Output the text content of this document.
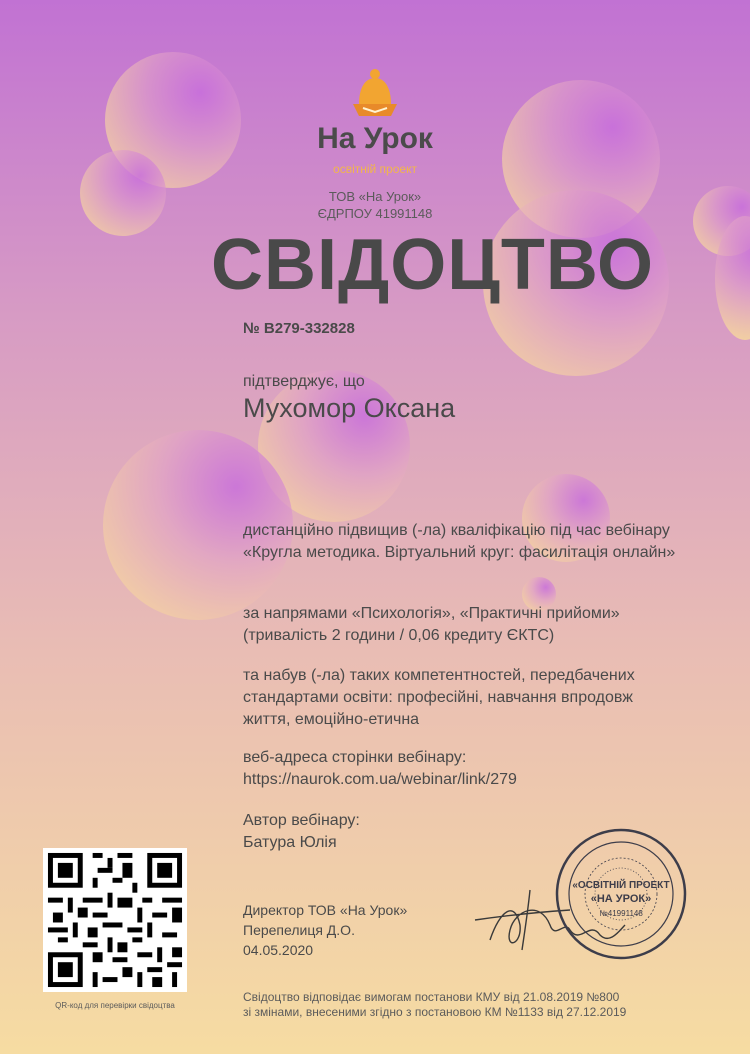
На Урок
освітній проект
ТОВ «На Урок»
ЄДРПОУ 41991148
СВІДОЦТВО
№ В279-332828
підтверджує, що
Мухомор Оксана
дистанційно підвищив (-ла) кваліфікацію під час вебінару «Кругла методика. Віртуальний круг: фасилітація онлайн»
за напрямами «Психологія», «Практичні прийоми» (тривалість 2 години / 0,06 кредиту ЄКТС)
та набув (-ла) таких компетентностей, передбачених стандартами освіти: професійні, навчання впродовж життя, емоційно-етична
веб-адреса сторінки вебінару:
https://naurok.com.ua/webinar/link/279
Автор вебінару:
Батура Юлія
Директор ТОВ «На Урок»
Перепелиця Д.О.
04.05.2020
«ОСВІТНІЙ ПРОЕКТ
«НА УРОК»
№41991148
QR-код для перевірки свідоцтва
Свідоцтво відповідає вимогам постанови КМУ від 21.08.2019 №800
зі змінами, внесеними згідно з постановою КМ №1133 від 27.12.2019
